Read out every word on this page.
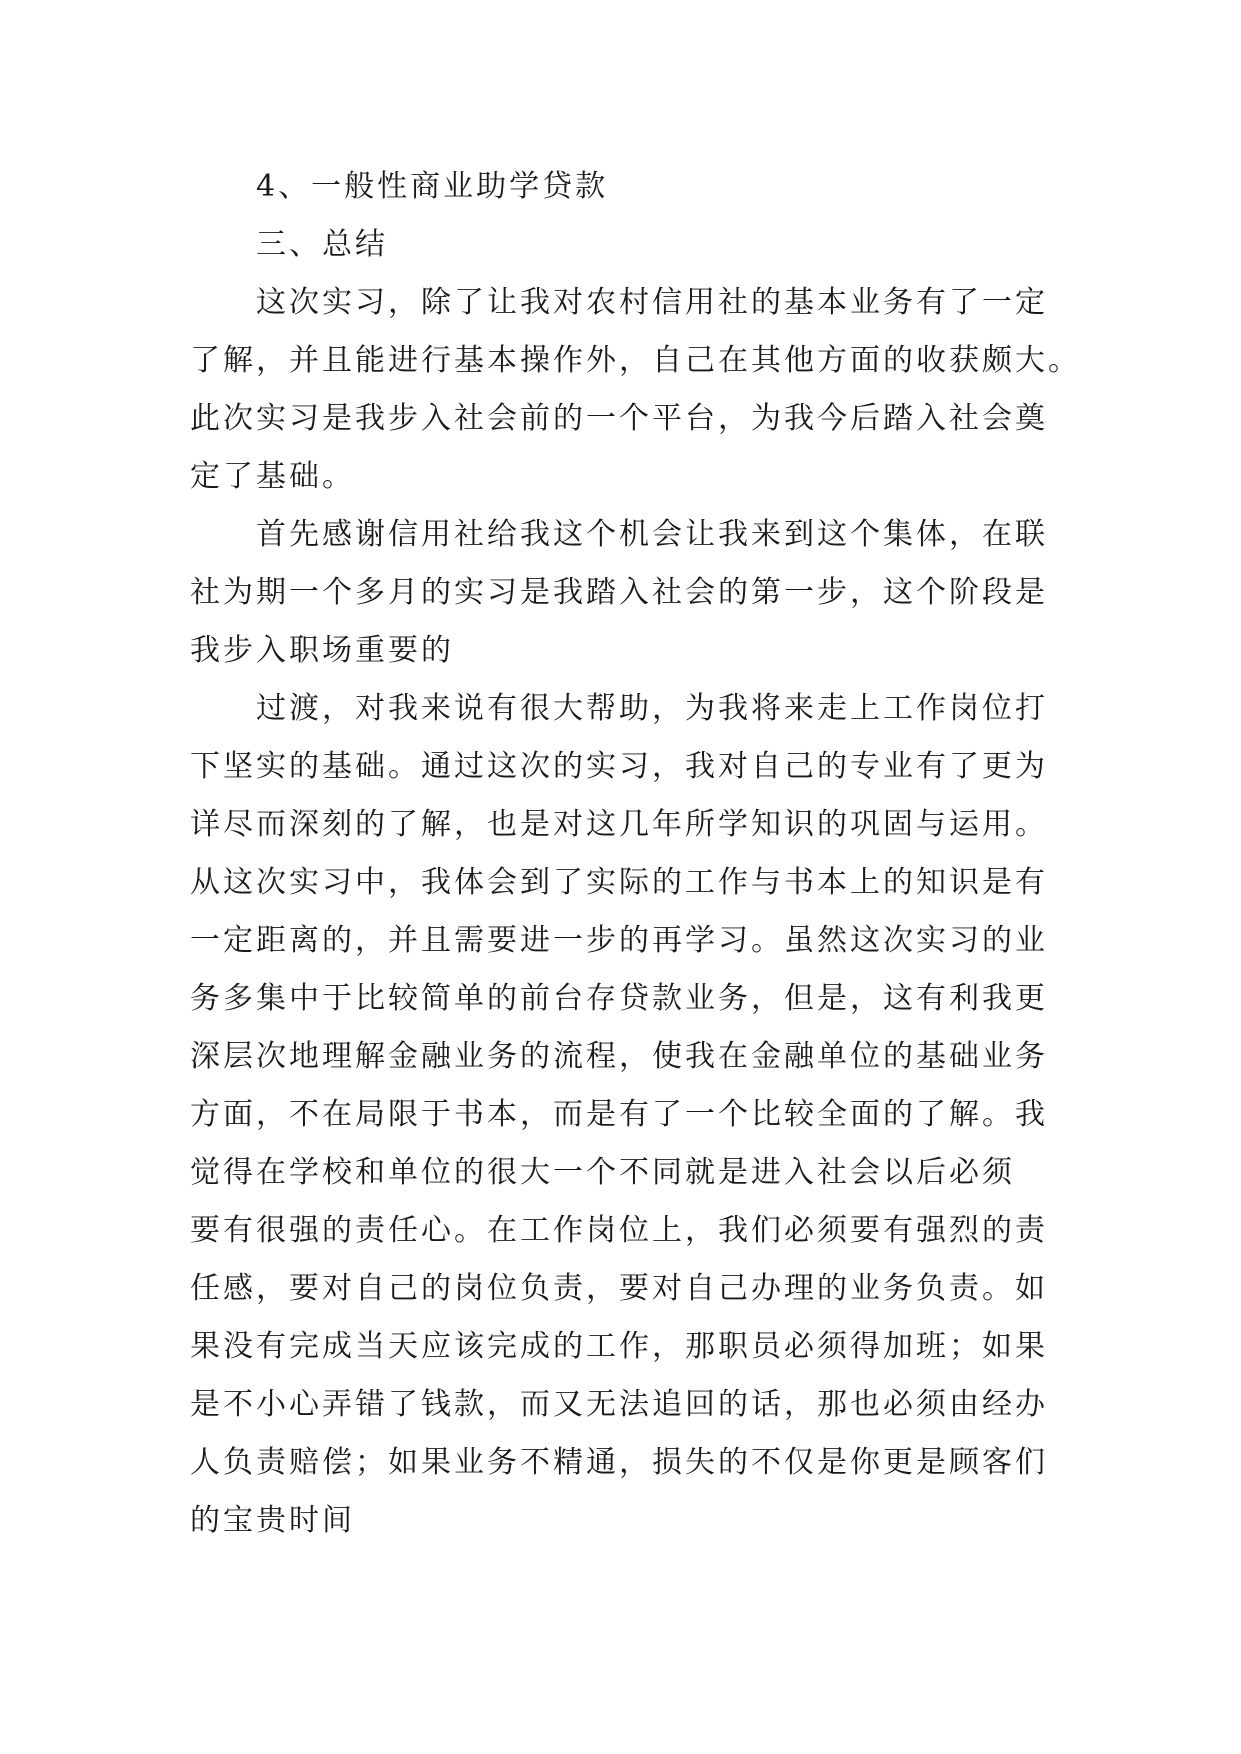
4、一般性商业助学贷款
三、总结
这次实习，除了让我对农村信用社的基本业务有了一定
了解，并且能进行基本操作外，自己在其他方面的收获颇大。
此次实习是我步入社会前的一个平台，为我今后踏入社会奠
定了基础。
首先感谢信用社给我这个机会让我来到这个集体，在联
社为期一个多月的实习是我踏入社会的第一步，这个阶段是
我步入职场重要的
过渡，对我来说有很大帮助，为我将来走上工作岗位打
下坚实的基础。通过这次的实习，我对自己的专业有了更为
详尽而深刻的了解，也是对这几年所学知识的巩固与运用。
从这次实习中，我体会到了实际的工作与书本上的知识是有
一定距离的，并且需要进一步的再学习。虽然这次实习的业
务多集中于比较简单的前台存贷款业务，但是，这有利我更
深层次地理解金融业务的流程，使我在金融单位的基础业务
方面，不在局限于书本，而是有了一个比较全面的了解。我
觉得在学校和单位的很大一个不同就是进入社会以后必须
要有很强的责任心。在工作岗位上，我们必须要有强烈的责
任感，要对自己的岗位负责，要对自己办理的业务负责。如
果没有完成当天应该完成的工作，那职员必须得加班；如果
是不小心弄错了钱款，而又无法追回的话，那也必须由经办
人负责赔偿；如果业务不精通，损失的不仅是你更是顾客们
的宝贵时间
